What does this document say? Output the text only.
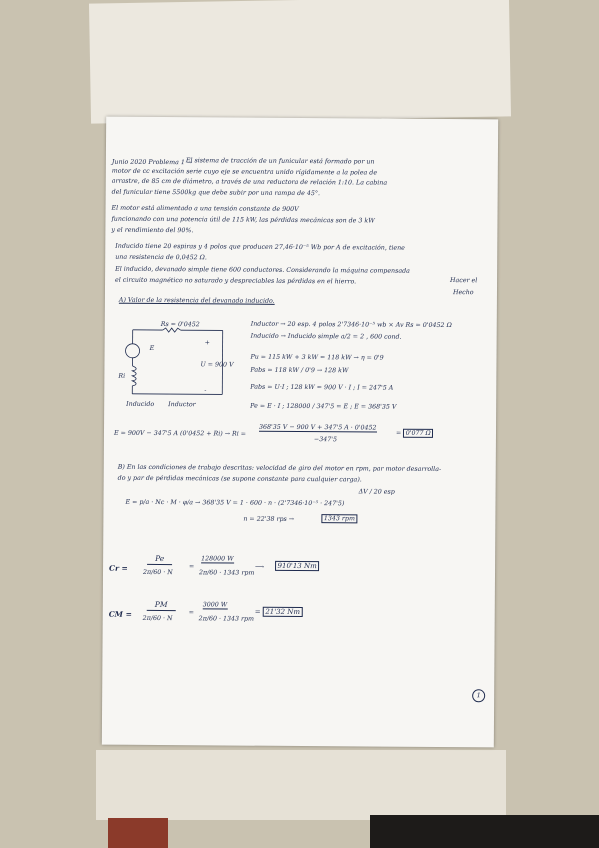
Junio 2020 Problema 1 →
El sistema de tracción de un funicular está formado por un
motor de cc excitación serie cuyo eje se encuentra unido rígidamente a la polea de
arrastre, de 85 cm de diámetro, a través de una reductora de relación 1:10. La cabina
del funicular tiene 5500kg que debe subir por una rampa de 45°.
El motor está alimentado a una tensión constante de 900V
funcionando con una potencia útil de 115 kW, las pérdidas mecánicas son de 3 kW
y el rendimiento del 90%.
Inducido tiene 20 espiras y 4 polos que producen 27,46·10⁻⁵ Wb por A de excitación, tiene
una resistencia de 0,0452 Ω.
El inducido, devanado simple tiene 600 conductores. Considerando la máquina compensada
el circuito magnético no saturado y despreciables las pérdidas en el hierro.	Hacer el
Hecho
A) Valor de la resistencia del devanado inducido.
Rs = 0'0452
E
Ri
+
-
U = 900 V
Inducido Inductor
Inductor → 20 esp. 4 polos 2'7346·10⁻⁵ wb × Av Rs = 0'0452 Ω
Inducido → Inducido simple a/2 = 2 , 600 cond.
Pu = 115 kW + 3 kW = 118 kW → η = 0'9
Pabs = 118 kW / 0'9 → 128 kW
Pabs = U·I ; 128 kW = 900 V · I ; I = 247'5 A
Pe = E · I ; 128000 / 347'5 = E ; E = 368'35 V
E = 900V − 347'5 A (0'0452 + Ri) → Ri =
368'35 V − 900 V + 347'5 A · 0'0452
−347'5
= 0'077 Ω
B) En las condiciones de trabajo descritas: velocidad de giro del motor en rpm, par motor desarrolla-
do y par de pérdidas mecánicas (se supone constante para cualquier carga).
ΔV / 20 esp
E = p/a · Nc · M · φ/a → 368'35 V = 1 · 600 · n · (2'7346·10⁻⁵ · 247'5)
n = 22'38 rps →	1343 rpm
Cr =
Pe
2π/60 · N
=
128000 W
2π/60 · 1343 rpm
⟶	910'13 Nm
CM =
PM
2π/60 · N
=
3000 W
2π/60 · 1343 rpm
= 21'32 Nm
1
